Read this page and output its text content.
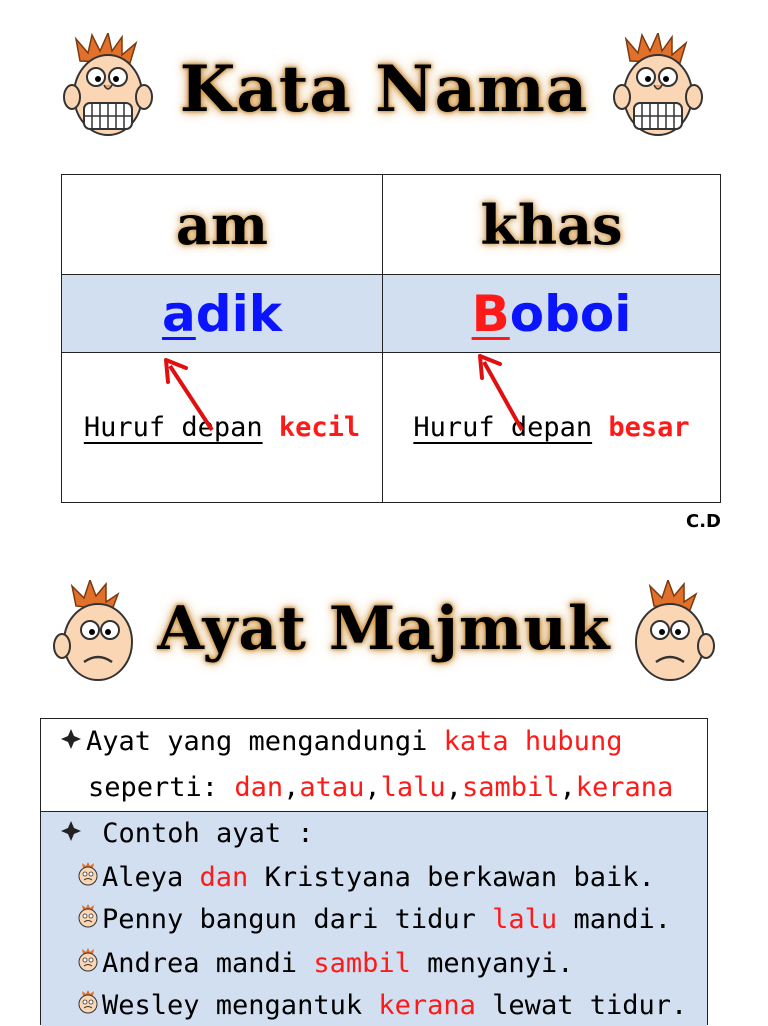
Kata Nama
am	khas
adik	Boboi
Huruf depan kecil	Huruf depan besar
C.D
Ayat Majmuk
Ayat yang mengandungi kata hubung
seperti: dan,atau,lalu,sambil,kerana
Contoh ayat :
Aleya dan Kristyana berkawan baik.
Penny bangun dari tidur lalu mandi.
Andrea mandi sambil menyanyi.
Wesley mengantuk kerana lewat tidur.
